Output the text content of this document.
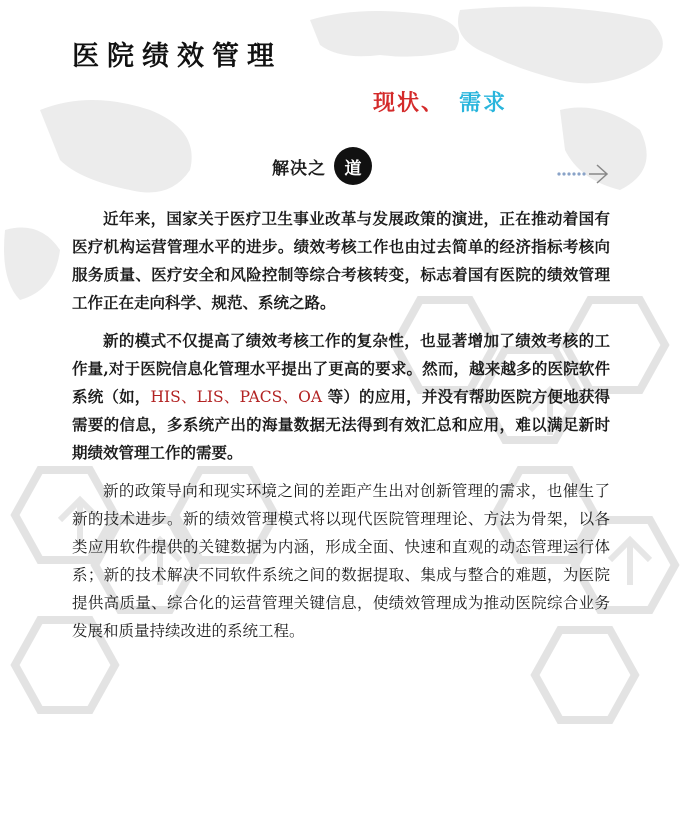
医院绩效管理
现状、 需求
解决之	道

近年来，国家关于医疗卫生事业改革与发展政策的演进，正在推动着国有医疗机构运营管理水平的进步。绩效考核工作也由过去简单的经济指标考核向服务质量、医疗安全和风险控制等综合考核转变，标志着国有医院的绩效管理工作正在走向科学、规范、系统之路。

新的模式不仅提高了绩效考核工作的复杂性，也显著增加了绩效考核的工作量,对于医院信息化管理水平提出了更高的要求。然而，越来越多的医院软件系统（如，HIS、LIS、PACS、OA 等）的应用，并没有帮助医院方便地获得需要的信息，多系统产出的海量数据无法得到有效汇总和应用，难以满足新时期绩效管理工作的需要。

新的政策导向和现实环境之间的差距产生出对创新管理的需求，也催生了新的技术进步。新的绩效管理模式将以现代医院管理理论、方法为骨架，以各类应用软件提供的关键数据为内涵，形成全面、快速和直观的动态管理运行体系；新的技术解决不同软件系统之间的数据提取、集成与整合的难题，为医院提供高质量、综合化的运营管理关键信息，使绩效管理成为推动医院综合业务发展和质量持续改进的系统工程。
